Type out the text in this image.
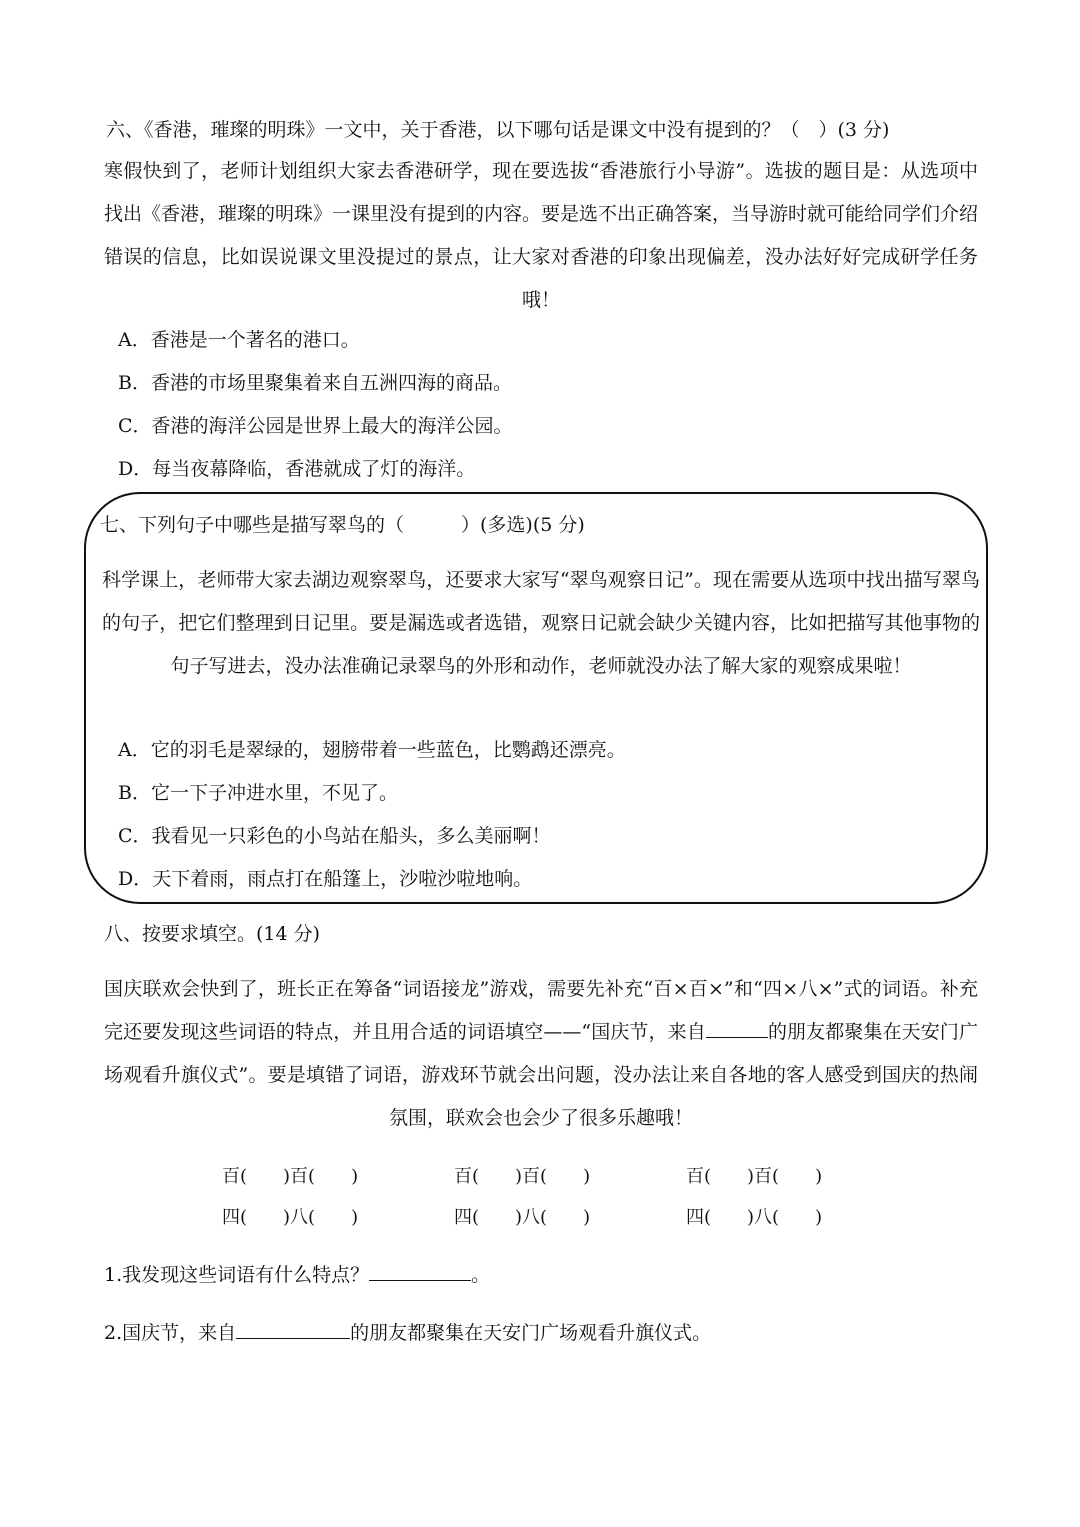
六、《香港，璀璨的明珠》一文中，关于香港，以下哪句话是课文中没有提到的？（　）(3 分)
寒假快到了，老师计划组织大家去香港研学，现在要选拔“香港旅行小导游”。选拔的题目是：从选项中找出《香港，璀璨的明珠》一课里没有提到的内容。要是选不出正确答案，当导游时就可能给同学们介绍错误的信息，比如误说课文里没提过的景点，让大家对香港的印象出现偏差，没办法好好完成研学任务哦！
A．香港是一个著名的港口。
B．香港的市场里聚集着来自五洲四海的商品。
C．香港的海洋公园是世界上最大的海洋公园。
D．每当夜幕降临，香港就成了灯的海洋。
七、下列句子中哪些是描写翠鸟的（　　　）(多选)(5 分)
科学课上，老师带大家去湖边观察翠鸟，还要求大家写“翠鸟观察日记”。现在需要从选项中找出描写翠鸟的句子，把它们整理到日记里。要是漏选或者选错，观察日记就会缺少关键内容，比如把描写其他事物的句子写进去，没办法准确记录翠鸟的外形和动作，老师就没办法了解大家的观察成果啦！
A．它的羽毛是翠绿的，翅膀带着一些蓝色，比鹦鹉还漂亮。
B．它一下子冲进水里，不见了。
C．我看见一只彩色的小鸟站在船头，多么美丽啊！
D．天下着雨，雨点打在船篷上，沙啦沙啦地响。
八、按要求填空。(14 分)
国庆联欢会快到了，班长正在筹备“词语接龙”游戏，需要先补充“百×百×”和“四×八×”式的词语。补充完还要发现这些词语的特点，并且用合适的词语填空——“国庆节，来自	的朋友都聚集在天安门广场观看升旗仪式”。要是填错了词语，游戏环节就会出问题，没办法让来自各地的客人感受到国庆的热闹氛围，联欢会也会少了很多乐趣哦！
百(　　)百(　　)	百(　　)百(　　)	百(　　)百(　　)
四(　　)八(　　)	四(　　)八(　　)	四(　　)八(　　)
1.我发现这些词语有什么特点？	。
2.国庆节，来自	的朋友都聚集在天安门广场观看升旗仪式。
